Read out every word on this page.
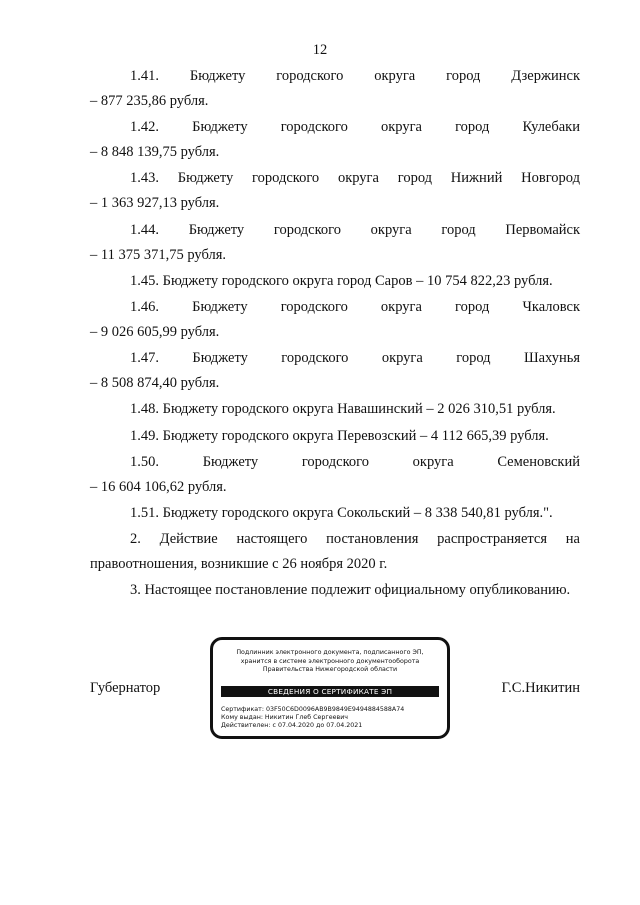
12

1.41. Бюджету городского округа город Дзержинск

– 877 235,86 рубля.

1.42. Бюджету городского округа город Кулебаки

– 8 848 139,75 рубля.

1.43. Бюджету городского округа город Нижний Новгород

– 1 363 927,13 рубля.

1.44. Бюджету городского округа город Первомайск

– 11 375 371,75 рубля.

1.45. Бюджету городского округа город Саров – 10 754 822,23 рубля.

1.46. Бюджету городского округа город Чкаловск

– 9 026 605,99 рубля.

1.47. Бюджету городского округа город Шахунья

– 8 508 874,40 рубля.

1.48. Бюджету городского округа Навашинский – 2 026 310,51 рубля.

1.49. Бюджету городского округа Перевозский – 4 112 665,39 рубля.

1.50. Бюджету городского округа Семеновский

– 16 604 106,62 рубля.

1.51. Бюджету городского округа Сокольский – 8 338 540,81 рубля.".

2. Действие настоящего постановления распространяется на правоотношения, возникшие с 26 ноября 2020 г.

3. Настоящее постановление подлежит официальному опубликованию.

Губернатор	Г.С.Никитин
Подлинник электронного документа, подписанного ЭП,
хранится в системе электронного документооборота
Правительства Нижегородской области
СВЕДЕНИЯ О СЕРТИФИКАТЕ ЭП
Сертификат: 03F50C6D0096AB9B9849E9494884588A74
Кому выдан: Никитин Глеб Сергеевич
Действителен: с 07.04.2020 до 07.04.2021
